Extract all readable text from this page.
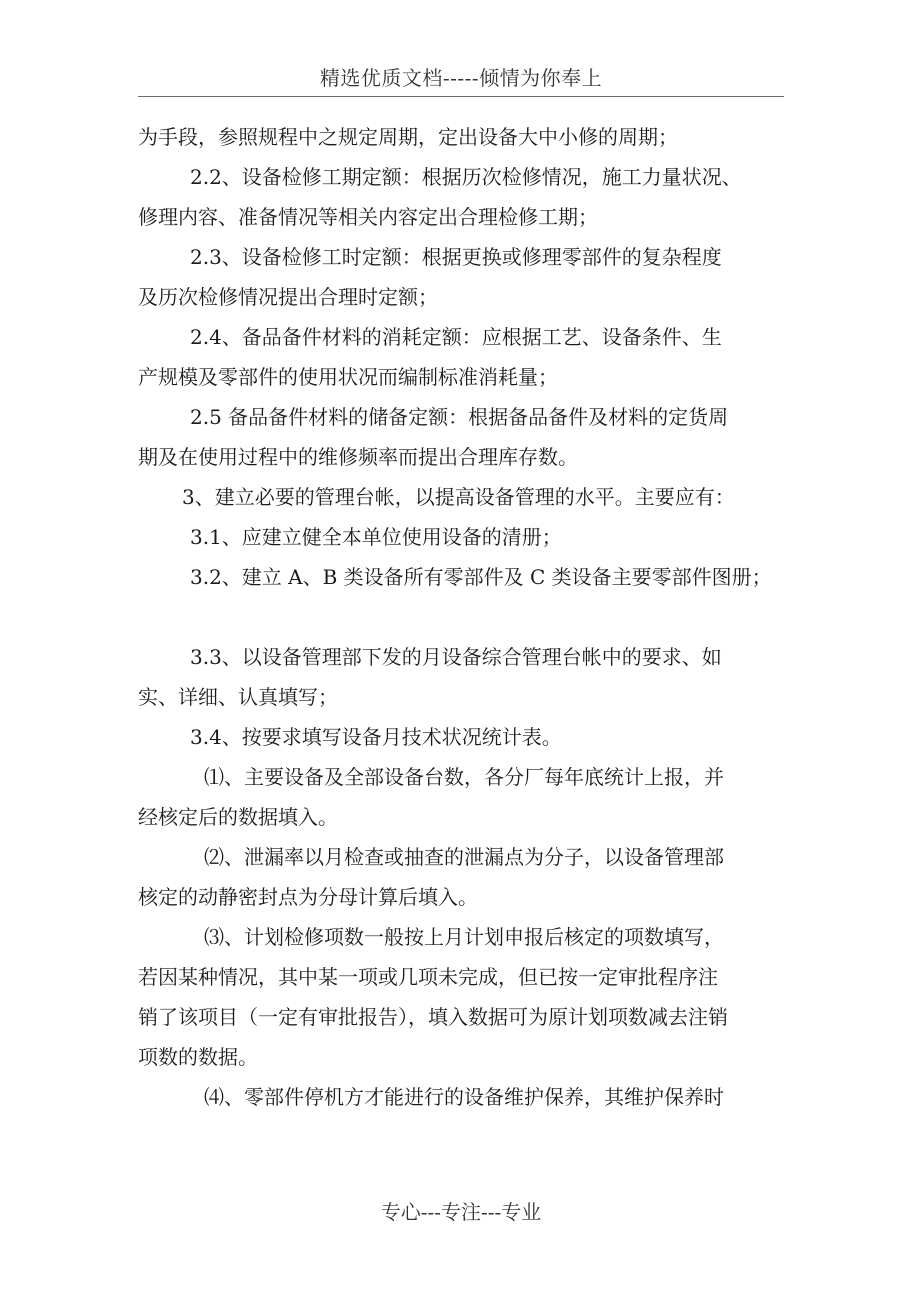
精选优质文档-----倾情为你奉上
为手段，参照规程中之规定周期，定出设备大中小修的周期；
2.2、设备检修工期定额：根据历次检修情况，施工力量状况、
修理内容、准备情况等相关内容定出合理检修工期；
2.3、设备检修工时定额：根据更换或修理零部件的复杂程度
及历次检修情况提出合理时定额；
2.4、备品备件材料的消耗定额：应根据工艺、设备条件、生
产规模及零部件的使用状况而编制标准消耗量；
2.5 备品备件材料的储备定额：根据备品备件及材料的定货周
期及在使用过程中的维修频率而提出合理库存数。
3、建立必要的管理台帐，以提高设备管理的水平。主要应有：
3.1、应建立健全本单位使用设备的清册；
3.2、建立 A、B 类设备所有零部件及 C 类设备主要零部件图册；
3.3、以设备管理部下发的月设备综合管理台帐中的要求、如
实、详细、认真填写；
3.4、按要求填写设备月技术状况统计表。
⑴、主要设备及全部设备台数，各分厂每年底统计上报，并
经核定后的数据填入。
⑵、泄漏率以月检查或抽查的泄漏点为分子，以设备管理部
核定的动静密封点为分母计算后填入。
⑶、计划检修项数一般按上月计划申报后核定的项数填写，
若因某种情况，其中某一项或几项未完成，但已按一定审批程序注
销了该项目（一定有审批报告），填入数据可为原计划项数减去注销
项数的数据。
⑷、零部件停机方才能进行的设备维护保养，其维护保养时
专心---专注---专业
